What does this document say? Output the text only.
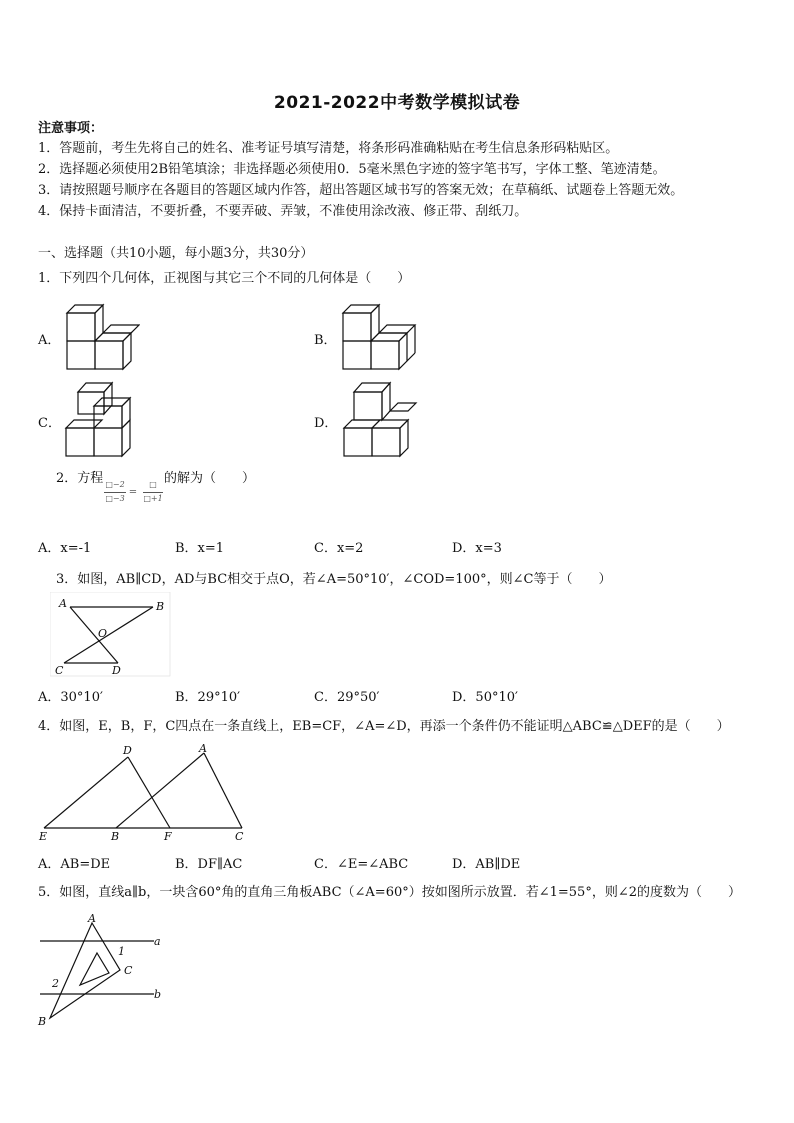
2021-2022中考数学模拟试卷
注意事项：
1．答题前，考生先将自己的姓名、准考证号填写清楚，将条形码准确粘贴在考生信息条形码粘贴区。
2．选择题必须使用2B铅笔填涂；非选择题必须使用0．5毫米黑色字迹的签字笔书写，字体工整、笔迹清楚。
3．请按照题号顺序在各题目的答题区域内作答，超出答题区域书写的答案无效；在草稿纸、试题卷上答题无效。
4．保持卡面清洁，不要折叠，不要弄破、弄皱，不准使用涂改液、修正带、刮纸刀。
一、选择题（共10小题，每小题3分，共30分）
1．下列四个几何体，正视图与其它三个不同的几何体是（　　）
A．	B．
C．	D．
2．方程 □−2
□−3
=
□
□+1
的解为（　　）
A．x=-1	B．x=1	C．x=2	D．x=3
3．如图，AB∥CD，AD与BC相交于点O，若∠A=50°10′，∠COD=100°，则∠C等于（　　）
A	B
O
C	D
A．30°10′	B．29°10′	C．29°50′	D．50°10′
4．如图，E，B，F，C四点在一条直线上，EB=CF，∠A=∠D，再添一个条件仍不能证明△ABC≌△DEF的是（　　）
D	A
E	B	F	C
A．AB=DE	B．DF∥AC	C．∠E=∠ABC	D．AB∥DE
5．如图，直线a∥b，一块含60°角的直角三角板ABC（∠A=60°）按如图所示放置．若∠1=55°，则∠2的度数为（　　）
A
a
1
C
2
b
B
